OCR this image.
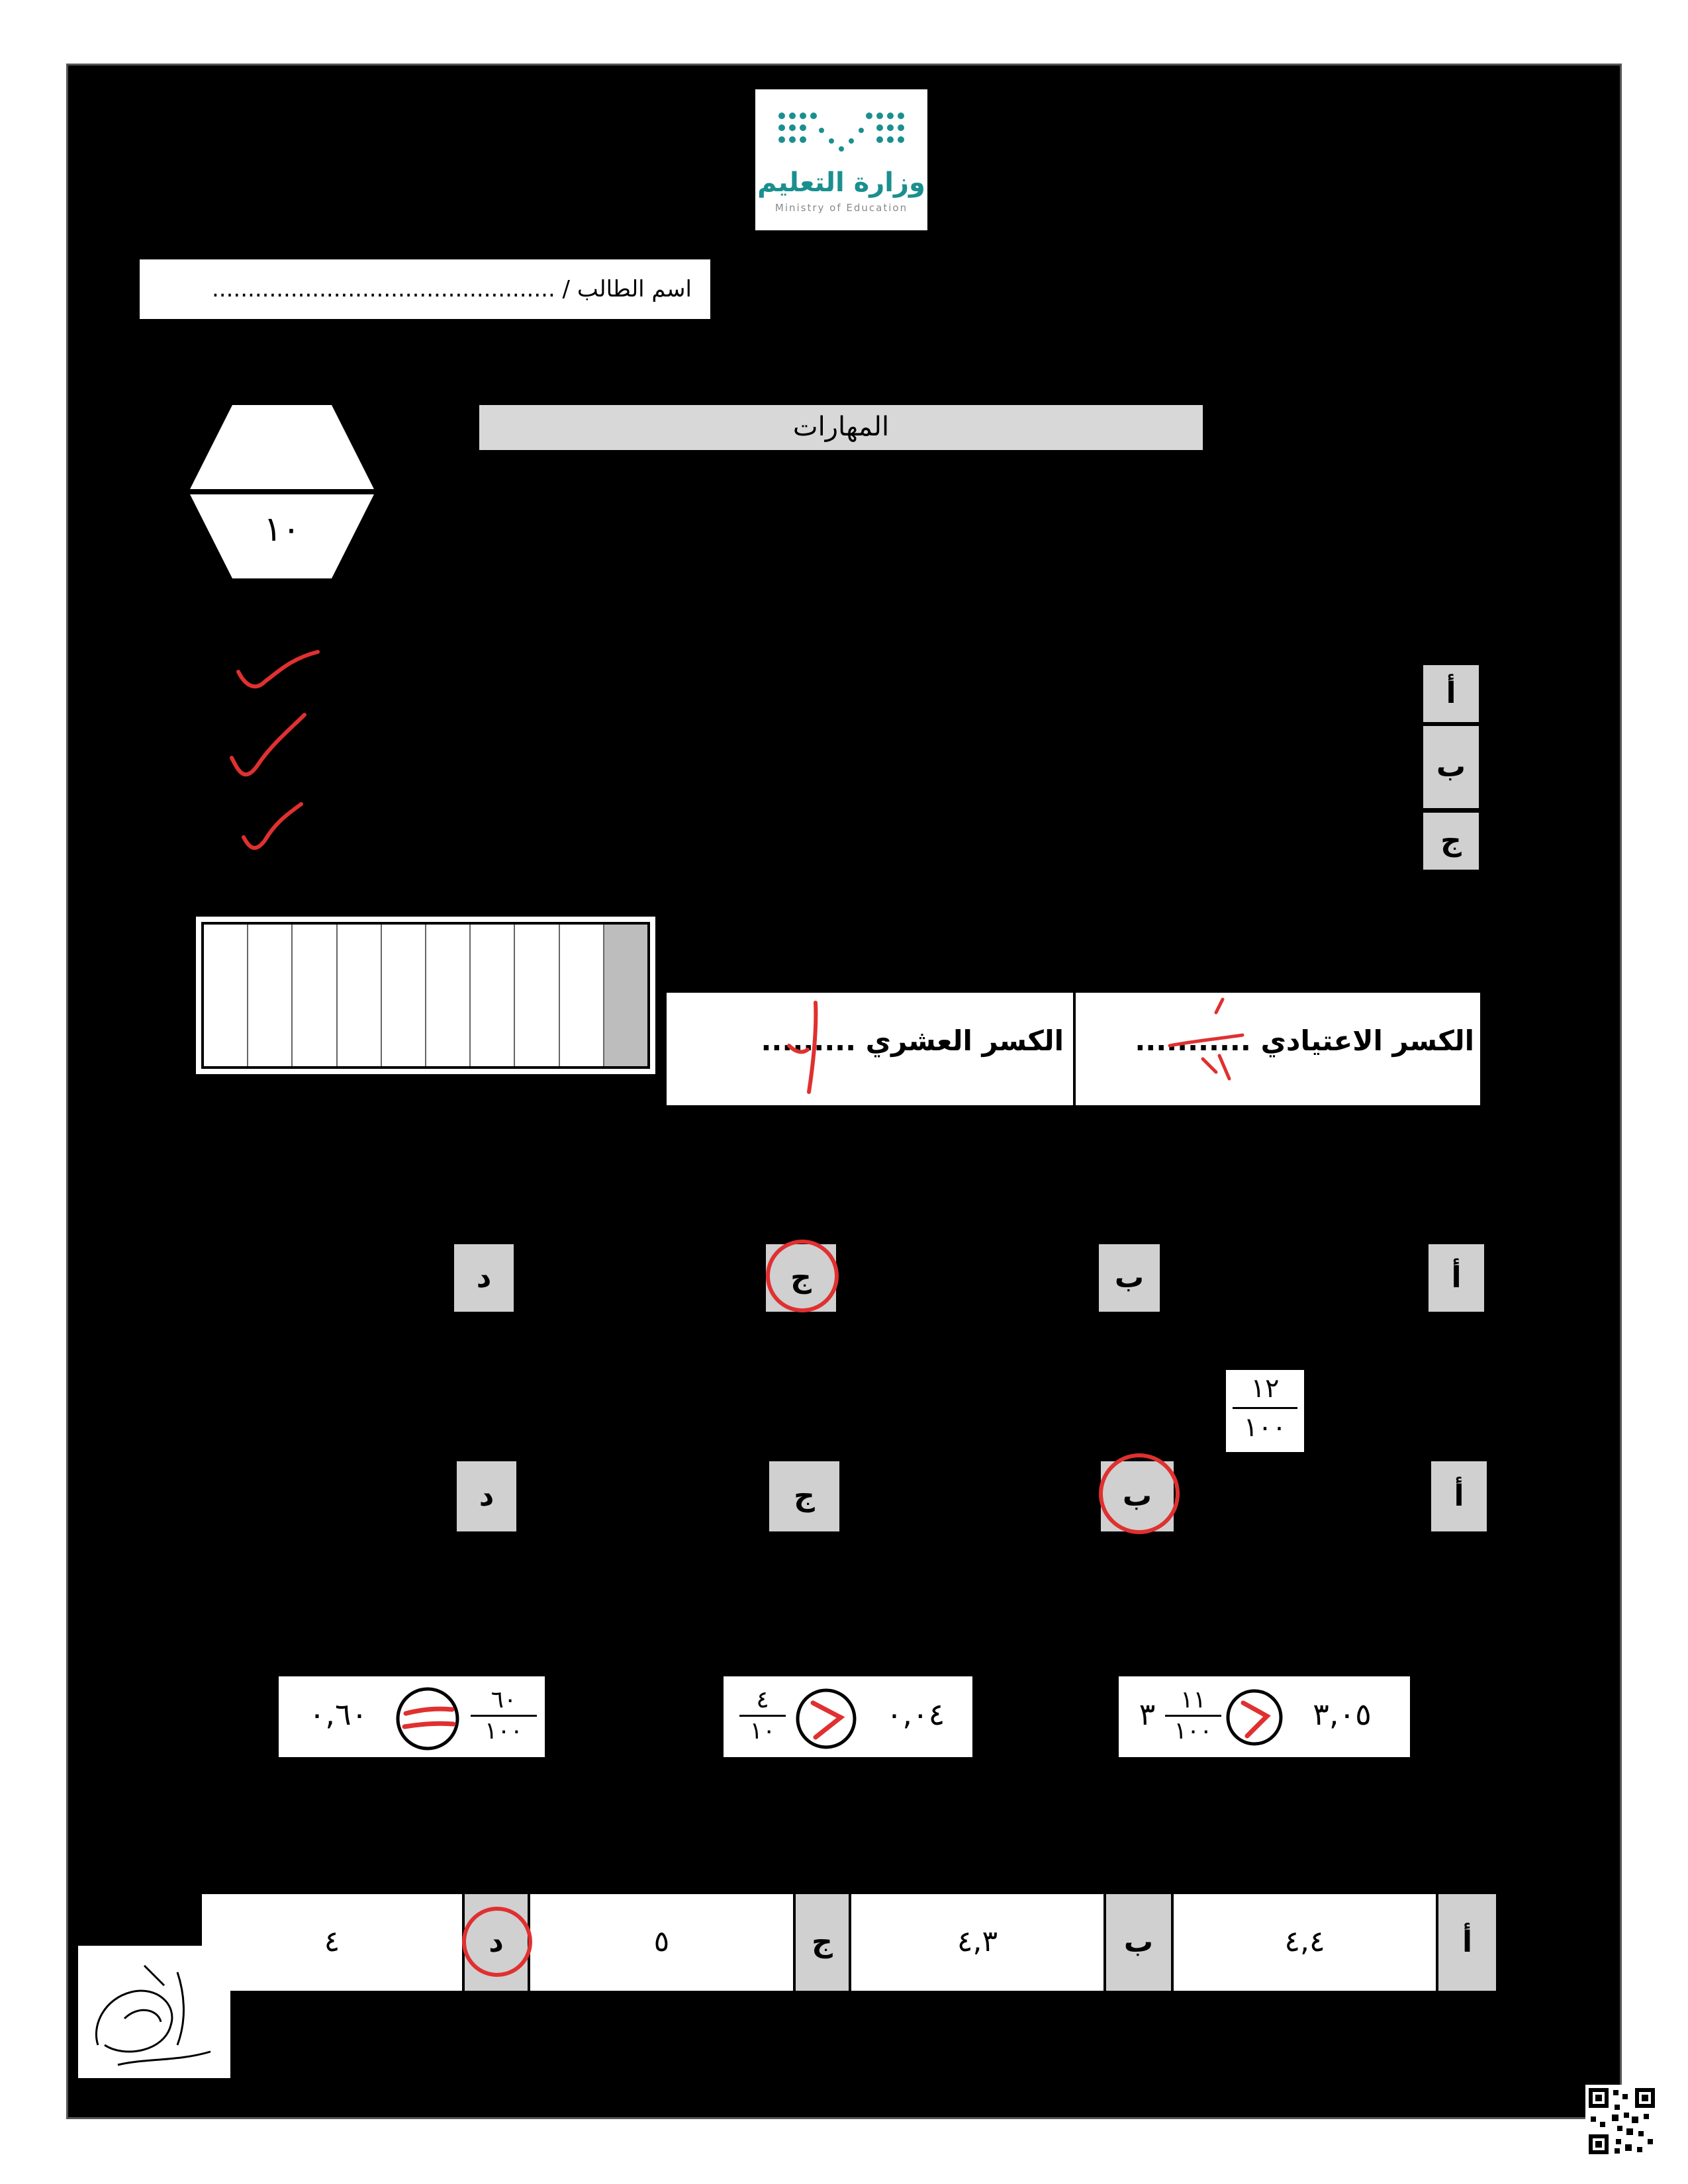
وزارة التعليم
Ministry of Education
اسم الطالب / ................................................
المهارات
١٠
أ
ب
ج
الكسر الاعتيادي ...........
الكسر العشري .........
أ
ب
ج
د
١٢
١٠٠
أ
ب
ج
د
٣,٠٥
١١
١٠٠
٣
٠,٠٤
٤
١٠
٠,٦٠	٦٠
١٠٠
أ
ب
ج
د	٤,٤
٤,٣
٥
٤
